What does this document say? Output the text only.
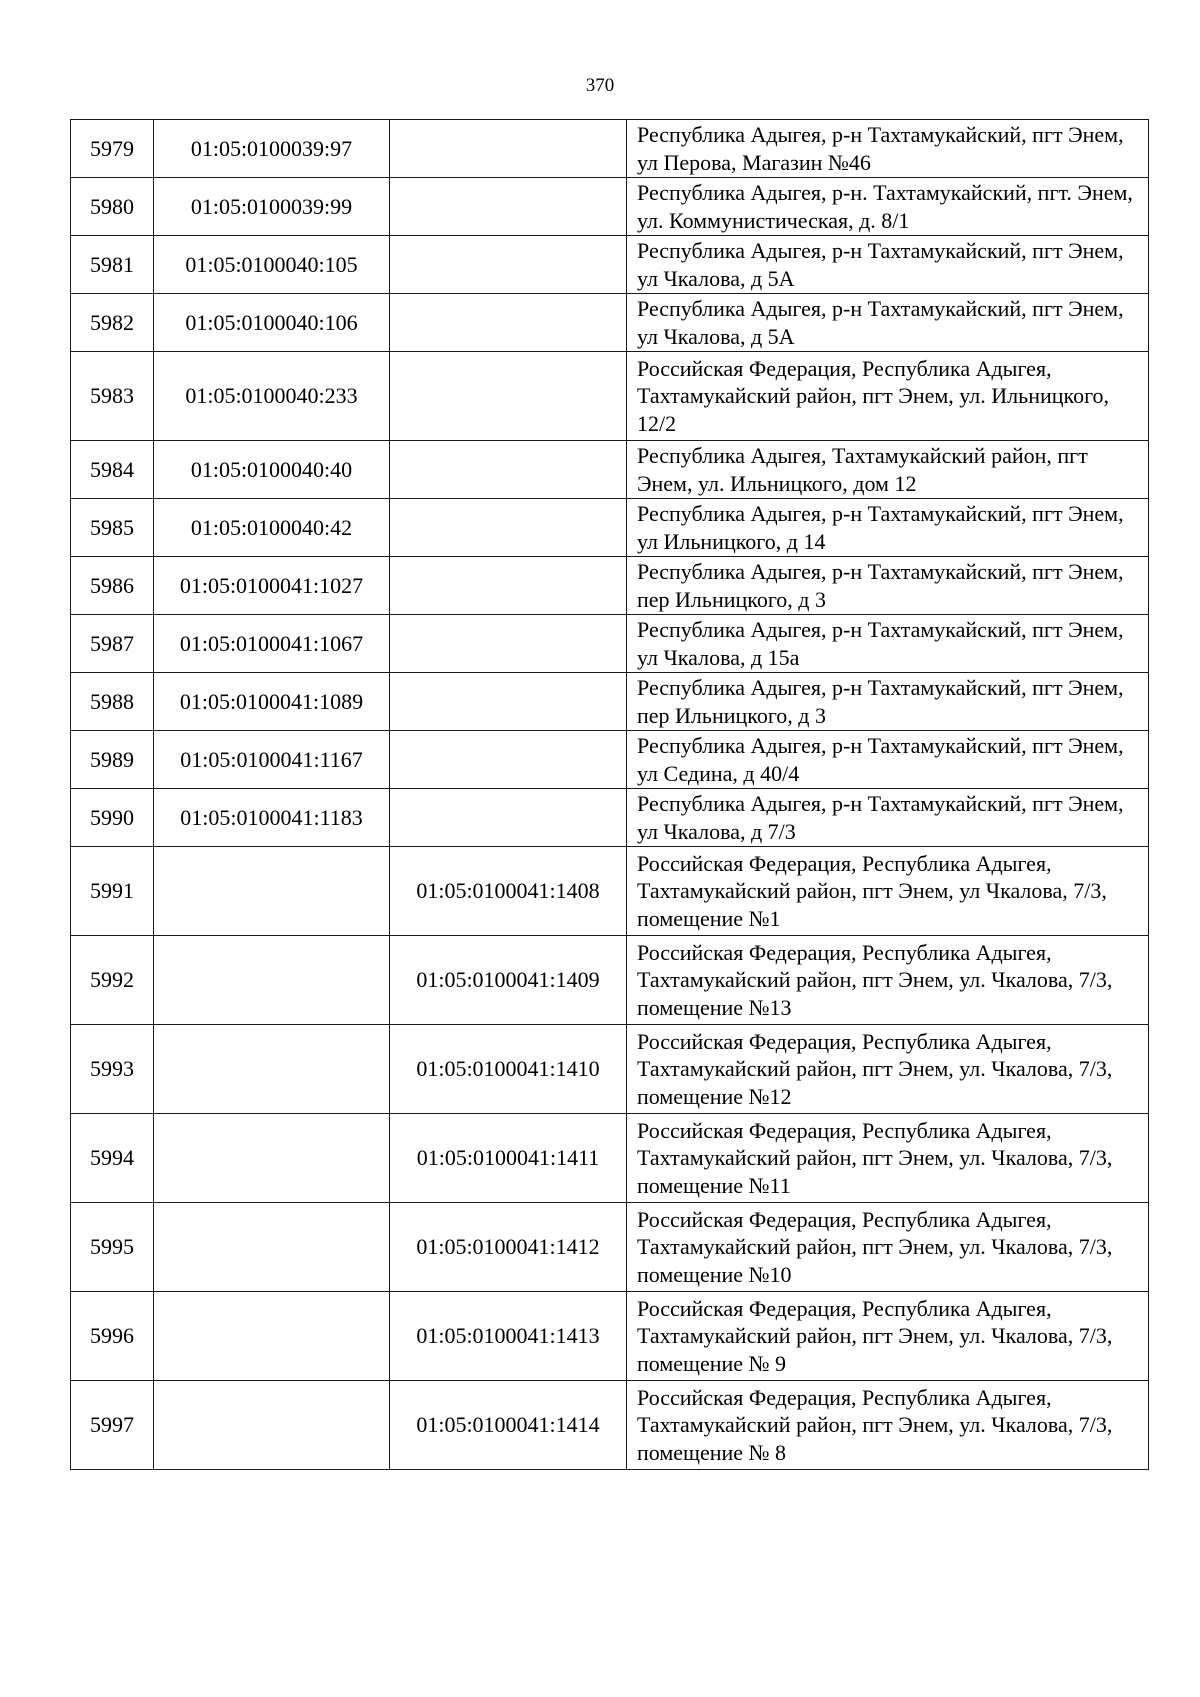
370
5979	01:05:0100039:97		Республика Адыгея, р-н Тахтамукайский, пгт Энем, ул Перова, Магазин №46
5980	01:05:0100039:99		Республика Адыгея, р-н. Тахтамукайский, пгт. Энем, ул. Коммунистическая, д. 8/1
5981	01:05:0100040:105		Республика Адыгея, р-н Тахтамукайский, пгт Энем, ул Чкалова, д 5А
5982	01:05:0100040:106		Республика Адыгея, р-н Тахтамукайский, пгт Энем, ул Чкалова, д 5А
5983	01:05:0100040:233		Российская Федерация, Республика Адыгея, Тахтамукайский район, пгт Энем, ул. Ильницкого, 12/2
5984	01:05:0100040:40		Республика Адыгея, Тахтамукайский район, пгт Энем, ул. Ильницкого, дом 12
5985	01:05:0100040:42		Республика Адыгея, р-н Тахтамукайский, пгт Энем, ул Ильницкого, д 14
5986	01:05:0100041:1027		Республика Адыгея, р-н Тахтамукайский, пгт Энем, пер Ильницкого, д 3
5987	01:05:0100041:1067		Республика Адыгея, р-н Тахтамукайский, пгт Энем, ул Чкалова, д 15а
5988	01:05:0100041:1089		Республика Адыгея, р-н Тахтамукайский, пгт Энем, пер Ильницкого, д 3
5989	01:05:0100041:1167		Республика Адыгея, р-н Тахтамукайский, пгт Энем, ул Седина, д 40/4
5990	01:05:0100041:1183		Республика Адыгея, р-н Тахтамукайский, пгт Энем, ул Чкалова, д 7/3
5991		01:05:0100041:1408	Российская Федерация, Республика Адыгея, Тахтамукайский район, пгт Энем, ул Чкалова, 7/3, помещение №1
5992		01:05:0100041:1409	Российская Федерация, Республика Адыгея, Тахтамукайский район, пгт Энем, ул. Чкалова, 7/3, помещение №13
5993		01:05:0100041:1410	Российская Федерация, Республика Адыгея, Тахтамукайский район, пгт Энем, ул. Чкалова, 7/3, помещение №12
5994		01:05:0100041:1411	Российская Федерация, Республика Адыгея, Тахтамукайский район, пгт Энем, ул. Чкалова, 7/3, помещение №11
5995		01:05:0100041:1412	Российская Федерация, Республика Адыгея, Тахтамукайский район, пгт Энем, ул. Чкалова, 7/3, помещение №10
5996		01:05:0100041:1413	Российская Федерация, Республика Адыгея, Тахтамукайский район, пгт Энем, ул. Чкалова, 7/3, помещение № 9
5997		01:05:0100041:1414	Российская Федерация, Республика Адыгея, Тахтамукайский район, пгт Энем, ул. Чкалова, 7/3, помещение № 8
